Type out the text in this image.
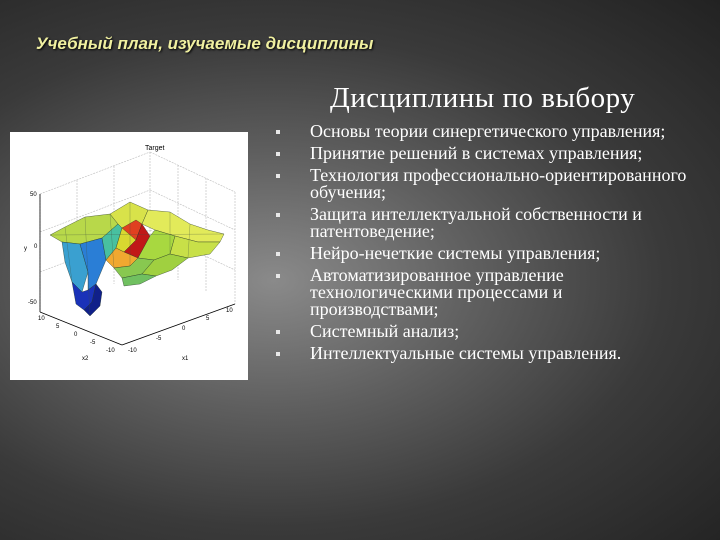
Учебный план, изучаемые дисциплины
Дисциплины по выбору
Target
50
0
-50
y
10
5
0
-5
-10
x2
-10
-5
0
5
10
x1
Основы теории синергетического управления;
Принятие решений в системах управления;
Технология профессионально-ориентированного
обучения;
Защита интеллектуальной собственности и
патентоведение;
Нейро-нечеткие системы управления;
Автоматизированное управление
технологическими процессами и
производствами;
Системный анализ;
Интеллектуальные системы управления.
